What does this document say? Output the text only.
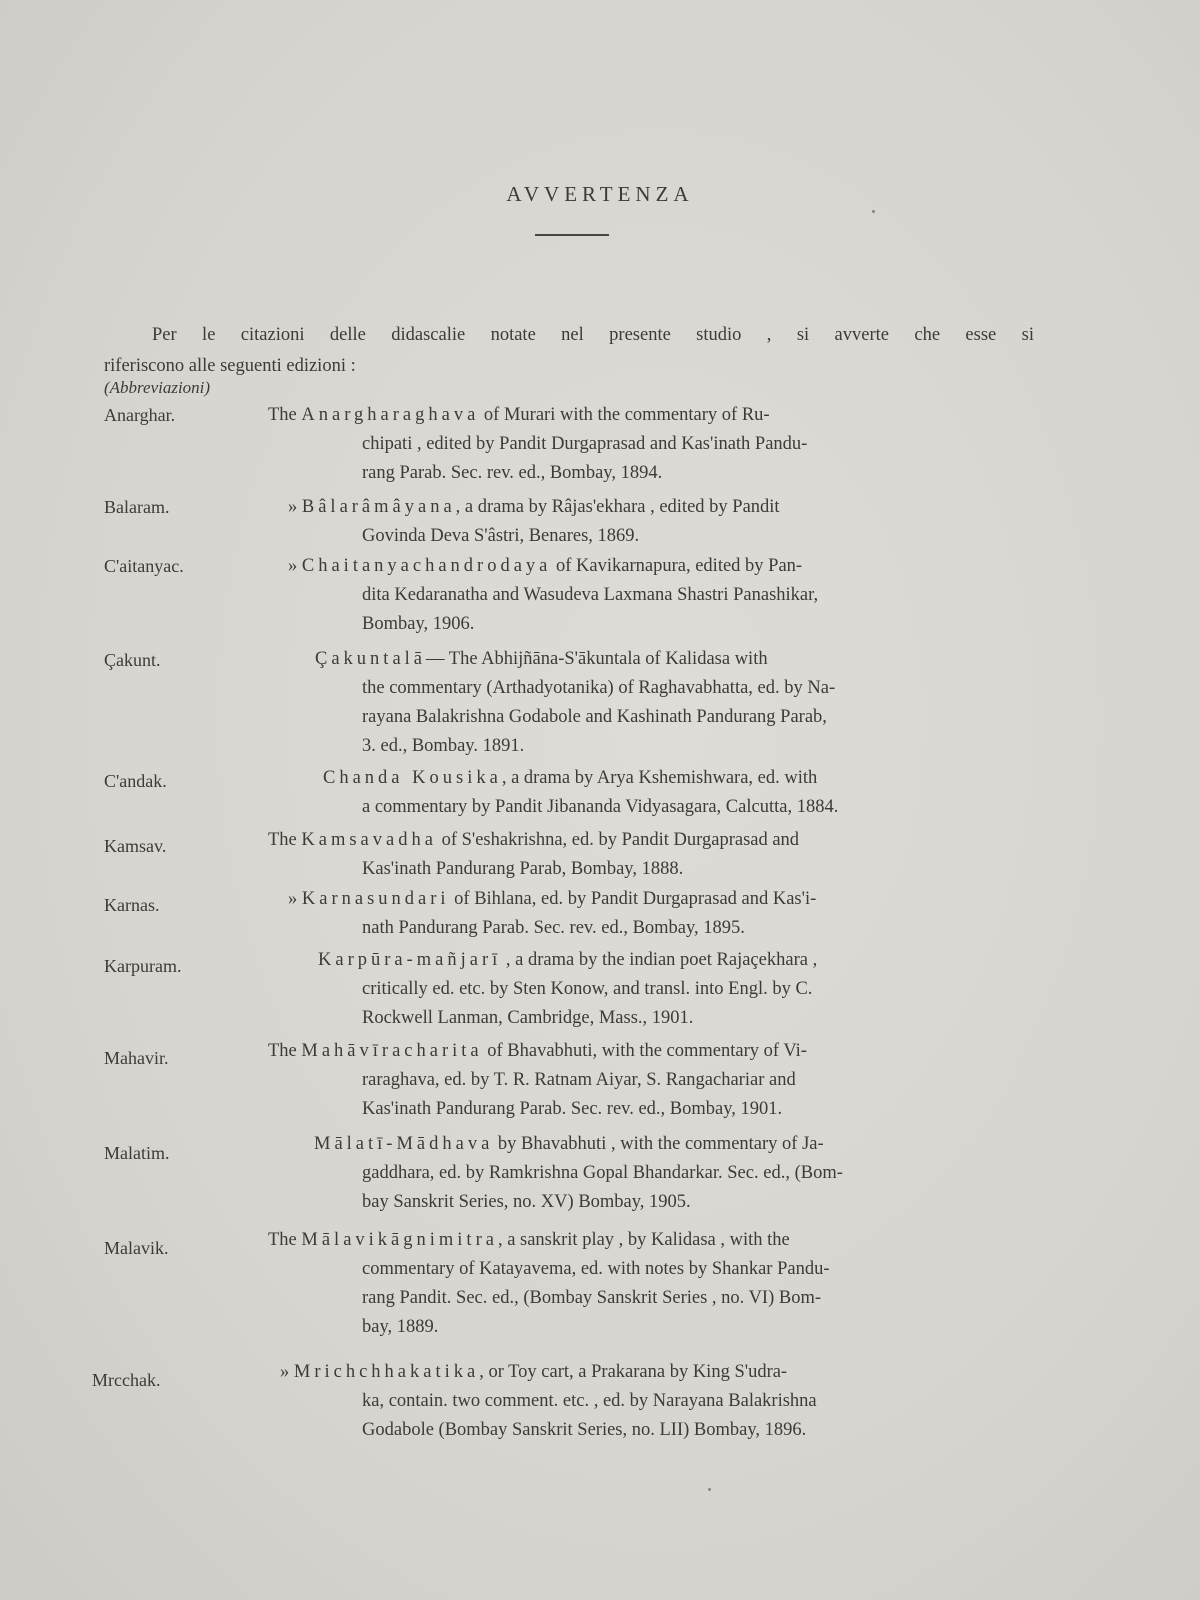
AVVERTENZA
Per le citazioni delle didascalie notate nel presente studio , si avverte che esse si
riferiscono alle seguenti edizioni :
(Abbreviazioni)
Anarghar.	The Anargharaghava of Murari with the commentary of Ru-

chipati , edited by Pandit Durgaprasad and Kas'inath Pandu-

rang Parab. Sec. rev. ed., Bombay, 1894.

Balaram.	» Bâlarâmâyana, a drama by Râjas'ekhara , edited by Pandit

Govinda Deva S'âstri, Benares, 1869.

C'aitanyac.	» Chaitanyachandrodaya of Kavikarnapura, edited by Pan-

dita Kedaranatha and Wasudeva Laxmana Shastri Panashikar,

Bombay, 1906.

Çakunt.	Çakuntalā— The Abhijñāna-S'ākuntala of Kalidasa with

the commentary (Arthadyotanika) of Raghavabhatta, ed. by Na-

rayana Balakrishna Godabole and Kashinath Pandurang Parab,

3. ed., Bombay. 1891.

C'andak.	Chanda Kousika, a drama by Arya Kshemishwara, ed. with

a commentary by Pandit Jibananda Vidyasagara, Calcutta, 1884.

Kamsav.	The Kamsavadha of S'eshakrishna, ed. by Pandit Durgaprasad and

Kas'inath Pandurang Parab, Bombay, 1888.

Karnas.	» Karnasundari of Bihlana, ed. by Pandit Durgaprasad and Kas'i-

nath Pandurang Parab. Sec. rev. ed., Bombay, 1895.

Karpuram.	Karpūra-mañjarī , a drama by the indian poet Rajaçekhara ,

critically ed. etc. by Sten Konow, and transl. into Engl. by C.

Rockwell Lanman, Cambridge, Mass., 1901.

Mahavir.	The Mahāvīracharita of Bhavabhuti, with the commentary of Vi-

raraghava, ed. by T. R. Ratnam Aiyar, S. Rangachariar and

Kas'inath Pandurang Parab. Sec. rev. ed., Bombay, 1901.

Malatim.	Mālatī-Mādhava by Bhavabhuti , with the commentary of Ja-

gaddhara, ed. by Ramkrishna Gopal Bhandarkar. Sec. ed., (Bom-

bay Sanskrit Series, no. XV) Bombay, 1905.

Malavik.	The Mālavikāgnimitra, a sanskrit play , by Kalidasa , with the

commentary of Katayavema, ed. with notes by Shankar Pandu-

rang Pandit. Sec. ed., (Bombay Sanskrit Series , no. VI) Bom-

bay, 1889.

Mrcchak.	» Mrichchhakatika, or Toy cart, a Prakarana by King S'udra-

ka, contain. two comment. etc. , ed. by Narayana Balakrishna

Godabole (Bombay Sanskrit Series, no. LII) Bombay, 1896.
